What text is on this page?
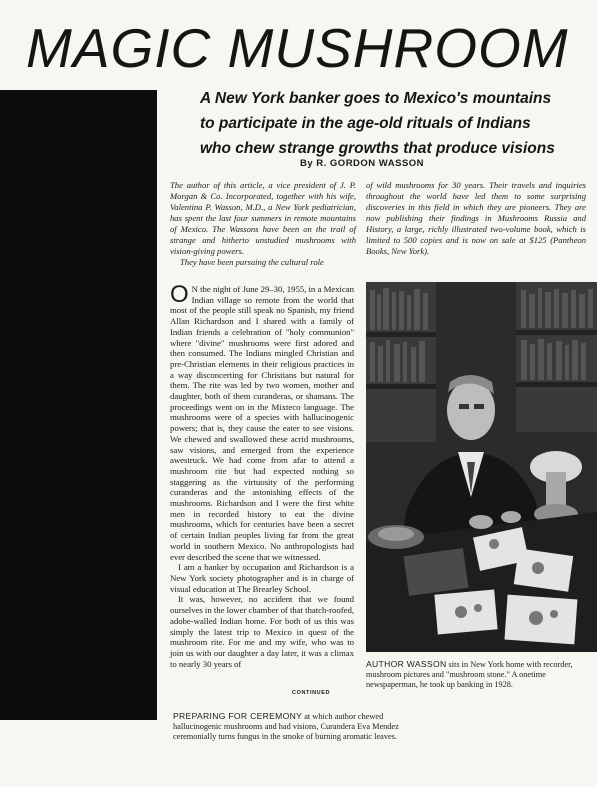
MAGIC MUSHROOM
A New York banker goes to Mexico's mountains
to participate in the age-old rituals of Indians
who chew strange growths that produce visions
By R. GORDON WASSON

The author of this article, a vice president of J. P. Morgan & Co. Incorporated, together with his wife, Valentina P. Wasson, M.D., a New York pediatrician, has spent the last four summers in remote mountains of Mexico. The Wassons have been on the trail of strange and hitherto unstudied mushrooms with vision-giving powers.

They have been pursuing the cultural role

of wild mushrooms for 30 years. Their travels and inquiries throughout the world have led them to some surprising discoveries in this field in which they are pioneers. They are now publishing their findings in Mushrooms Russia and History, a large, richly illustrated two-volume book, which is limited to 500 copies and is now on sale at $125 (Pantheon Books, New York).

O N the night of June 29–30, 1955, in a Mexican Indian village so remote from the world that most of the people still speak no Spanish, my friend Allan Richardson and I shared with a family of Indian friends a celebration of "holy communion" where "divine" mushrooms were first adored and then consumed. The Indians mingled Christian and pre-Christian elements in their religious practices in a way disconcerting for Christians but natural for them. The rite was led by two women, mother and daughter, both of them curanderas, or shamans. The proceedings went on in the Mixteco language. The mushrooms were of a species with hallucinogenic powers; that is, they cause the eater to see visions. We chewed and swallowed these acrid mushrooms, saw visions, and emerged from the experience awestruck. We had come from afar to attend a mushroom rite but had expected nothing so staggering as the virtuosity of the performing curanderas and the astonishing effects of the mushrooms. Richardson and I were the first white men in recorded history to eat the divine mushrooms, which for centuries have been a secret of certain Indian peoples living far from the great world in southern Mexico. No anthropologists had ever described the scene that we witnessed.

I am a banker by occupation and Richardson is a New York society photographer and is in charge of visual education at The Brearley School.

It was, however, no accident that we found ourselves in the lower chamber of that thatch-roofed, adobe-walled Indian home. For both of us this was simply the latest trip to Mexico in quest of the mushroom rite. For me and my wife, who was to join us with our daughter a day later, it was a climax to nearly 30 years of

CONTINUED
AUTHOR WASSON sits in New York home with recorder, mushroom pictures and "mushroom stone." A onetime newspaperman, he took up banking in 1928.
PREPARING FOR CEREMONY at which author chewed hallucinogenic mushrooms and had visions, Curandera Eva Mendez ceremonially turns fungus in the smoke of burning aromatic leaves.
